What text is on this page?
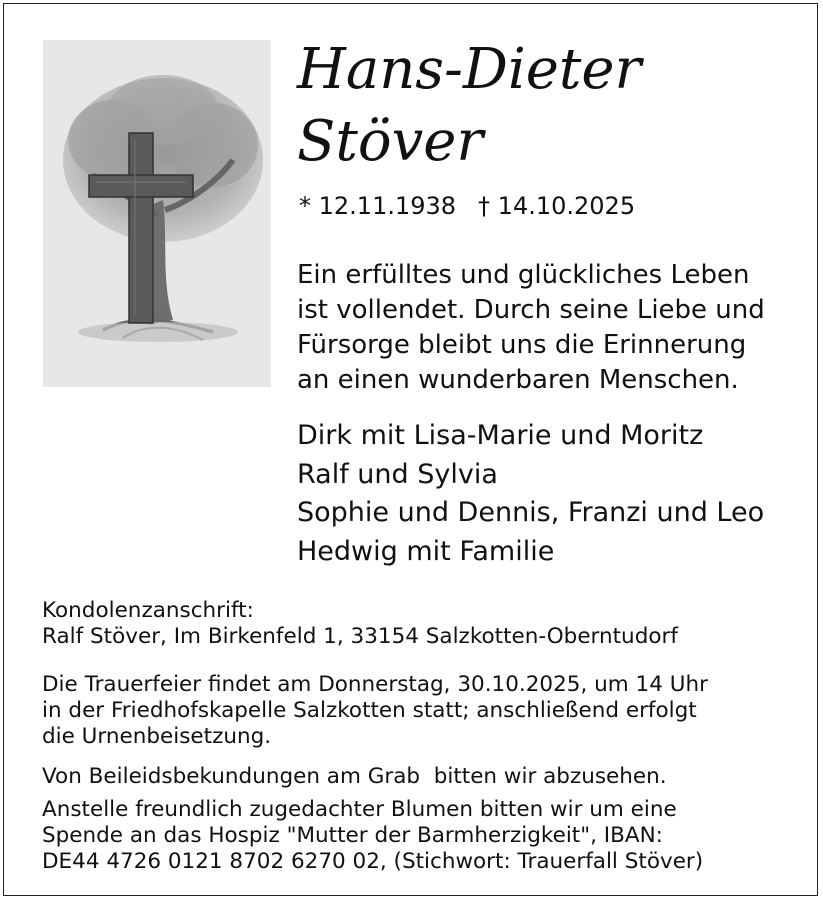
Hans-Dieter
Stöver
* 12.11.1938 † 14.10.2025
Ein erfülltes und glückliches Leben
ist vollendet. Durch seine Liebe und
Fürsorge bleibt uns die Erinnerung
an einen wunderbaren Menschen.
Dirk mit Lisa-Marie und Moritz
Ralf und Sylvia
Sophie und Dennis, Franzi und Leo
Hedwig mit Familie
Kondolenzanschrift:
Ralf Stöver, Im Birkenfeld 1, 33154 Salzkotten-Oberntudorf
Die Trauerfeier findet am Donnerstag, 30.10.2025, um 14 Uhr
in der Friedhofskapelle Salzkotten statt; anschließend erfolgt
die Urnenbeisetzung.
Von Beileidsbekundungen am Grab  bitten wir abzusehen.
Anstelle freundlich zugedachter Blumen bitten wir um eine
Spende an das Hospiz "Mutter der Barmherzigkeit", IBAN:
DE44 4726 0121 8702 6270 02, (Stichwort: Trauerfall Stöver)
